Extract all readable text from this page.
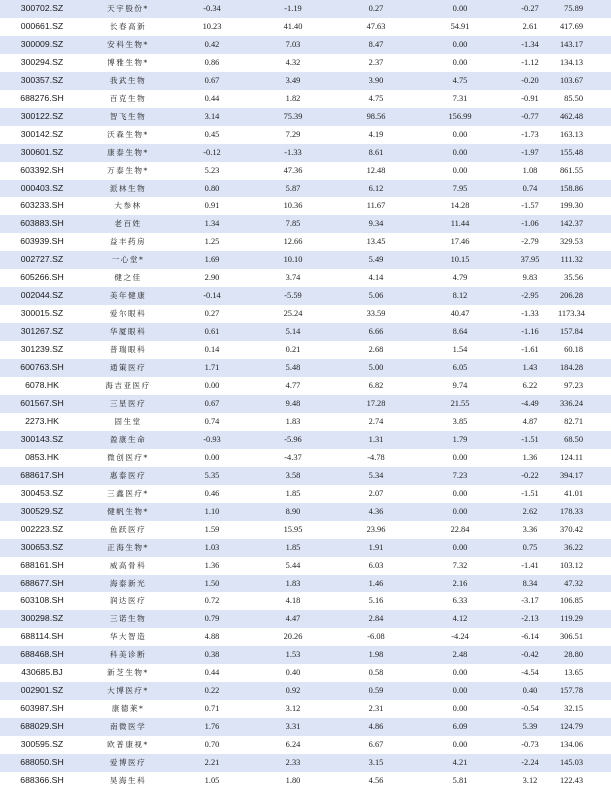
300702.SZ	天宇股份*	-0.34	-1.19	0.27	0.00	-0.27	75.89
000661.SZ	长春高新	10.23	41.40	47.63	54.91	2.61	417.69
300009.SZ	安科生物*	0.42	7.03	8.47	0.00	-1.34	143.17
300294.SZ	博雅生物*	0.86	4.32	2.37	0.00	-1.12	134.13
300357.SZ	我武生物	0.67	3.49	3.90	4.75	-0.20	103.67
688276.SH	百克生物	0.44	1.82	4.75	7.31	-0.91	85.50
300122.SZ	智飞生物	3.14	75.39	98.56	156.99	-0.77	462.48
300142.SZ	沃森生物*	0.45	7.29	4.19	0.00	-1.73	163.13
300601.SZ	康泰生物*	-0.12	-1.33	8.61	0.00	-1.97	155.48
603392.SH	万泰生物*	5.23	47.36	12.48	0.00	1.08	861.55
000403.SZ	派林生物	0.80	5.87	6.12	7.95	0.74	158.86
603233.SH	大参林	0.91	10.36	11.67	14.28	-1.57	199.30
603883.SH	老百姓	1.34	7.85	9.34	11.44	-1.06	142.37
603939.SH	益丰药房	1.25	12.66	13.45	17.46	-2.79	329.53
002727.SZ	一心堂*	1.69	10.10	5.49	10.15	37.95	111.32
605266.SH	健之佳	2.90	3.74	4.14	4.79	9.83	35.56
002044.SZ	美年健康	-0.14	-5.59	5.06	8.12	-2.95	206.28
300015.SZ	爱尔眼科	0.27	25.24	33.59	40.47	-1.33	1173.34
301267.SZ	华厦眼科	0.61	5.14	6.66	8.64	-1.16	157.84
301239.SZ	普瑞眼科	0.14	0.21	2.68	1.54	-1.61	60.18
600763.SH	通策医疗	1.71	5.48	5.00	6.05	1.43	184.28
6078.HK	海吉亚医疗	0.00	4.77	6.82	9.74	6.22	97.23
601567.SH	三星医疗	0.67	9.48	17.28	21.55	-4.49	336.24
2273.HK	固生堂	0.74	1.83	2.74	3.85	4.87	82.71
300143.SZ	盈康生命	-0.93	-5.96	1.31	1.79	-1.51	68.50
0853.HK	微创医疗*	0.00	-4.37	-4.78	0.00	1.36	124.11
688617.SH	惠泰医疗	5.35	3.58	5.34	7.23	-0.22	394.17
300453.SZ	三鑫医疗*	0.46	1.85	2.07	0.00	-1.51	41.01
300529.SZ	健帆生物*	1.10	8.90	4.36	0.00	2.62	178.33
002223.SZ	鱼跃医疗	1.59	15.95	23.96	22.84	3.36	370.42
300653.SZ	正海生物*	1.03	1.85	1.91	0.00	0.75	36.22
688161.SH	威高骨科	1.36	5.44	6.03	7.32	-1.41	103.12
688677.SH	海泰新光	1.50	1.83	1.46	2.16	8.34	47.32
603108.SH	润达医疗	0.72	4.18	5.16	6.33	-3.17	106.85
300298.SZ	三诺生物	0.79	4.47	2.84	4.12	-2.13	119.29
688114.SH	华大智造	4.88	20.26	-6.08	-4.24	-6.14	306.51
688468.SH	科美诊断	0.38	1.53	1.98	2.48	-0.42	28.80
430685.BJ	新芝生物*	0.44	0.40	0.58	0.00	-4.54	13.65
002901.SZ	大博医疗*	0.22	0.92	0.59	0.00	0.40	157.78
603987.SH	康德莱*	0.71	3.12	2.31	0.00	-0.54	32.15
688029.SH	南微医学	1.76	3.31	4.86	6.09	5.39	124.79
300595.SZ	欧普康视*	0.70	6.24	6.67	0.00	-0.73	134.06
688050.SH	爱博医疗	2.21	2.33	3.15	4.21	-2.24	145.03
688366.SH	昊海生科	1.05	1.80	4.56	5.81	3.12	122.43
